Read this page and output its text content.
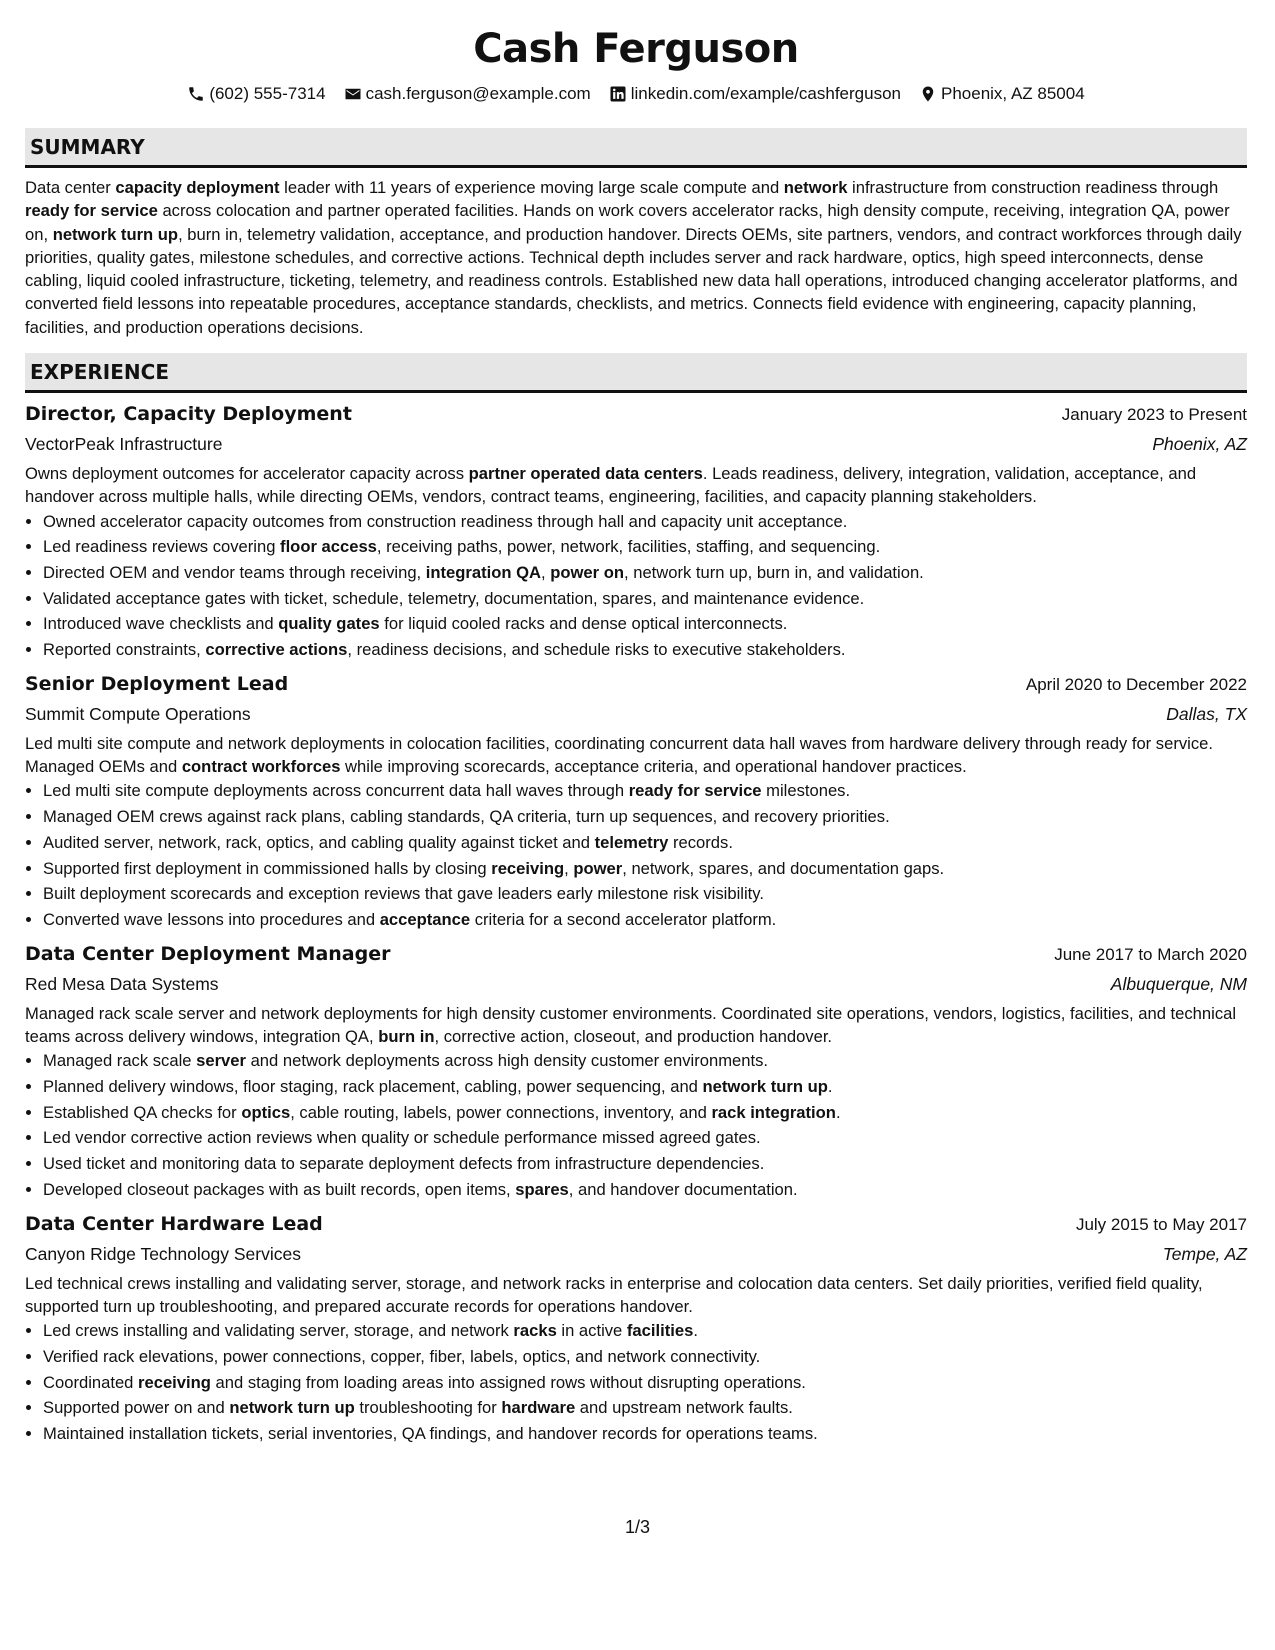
Cash Ferguson
(602) 555-7314 cash.ferguson@example.com linkedin.com/example/cashferguson Phoenix, AZ 85004
SUMMARY
Data center capacity deployment leader with 11 years of experience moving large scale compute and network infrastructure from construction readiness through ready for service across colocation and partner operated facilities. Hands on work covers accelerator racks, high density compute, receiving, integration QA, power on, network turn up, burn in, telemetry validation, acceptance, and production handover. Directs OEMs, site partners, vendors, and contract workforces through daily priorities, quality gates, milestone schedules, and corrective actions. Technical depth includes server and rack hardware, optics, high speed interconnects, dense cabling, liquid cooled infrastructure, ticketing, telemetry, and readiness controls. Established new data hall operations, introduced changing accelerator platforms, and converted field lessons into repeatable procedures, acceptance standards, checklists, and metrics. Connects field evidence with engineering, capacity planning, facilities, and production operations decisions.
EXPERIENCE
Director, Capacity Deployment	January 2023 to Present
VectorPeak Infrastructure	Phoenix, AZ
Owns deployment outcomes for accelerator capacity across partner operated data centers. Leads readiness, delivery, integration, validation, acceptance, and handover across multiple halls, while directing OEMs, vendors, contract teams, engineering, facilities, and capacity planning stakeholders.
• Owned accelerator capacity outcomes from construction readiness through hall and capacity unit acceptance.
• Led readiness reviews covering floor access, receiving paths, power, network, facilities, staffing, and sequencing.
• Directed OEM and vendor teams through receiving, integration QA, power on, network turn up, burn in, and validation.
• Validated acceptance gates with ticket, schedule, telemetry, documentation, spares, and maintenance evidence.
• Introduced wave checklists and quality gates for liquid cooled racks and dense optical interconnects.
• Reported constraints, corrective actions, readiness decisions, and schedule risks to executive stakeholders.
Senior Deployment Lead	April 2020 to December 2022
Summit Compute Operations	Dallas, TX
Led multi site compute and network deployments in colocation facilities, coordinating concurrent data hall waves from hardware delivery through ready for service. Managed OEMs and contract workforces while improving scorecards, acceptance criteria, and operational handover practices.
• Led multi site compute deployments across concurrent data hall waves through ready for service milestones.
• Managed OEM crews against rack plans, cabling standards, QA criteria, turn up sequences, and recovery priorities.
• Audited server, network, rack, optics, and cabling quality against ticket and telemetry records.
• Supported first deployment in commissioned halls by closing receiving, power, network, spares, and documentation gaps.
• Built deployment scorecards and exception reviews that gave leaders early milestone risk visibility.
• Converted wave lessons into procedures and acceptance criteria for a second accelerator platform.
Data Center Deployment Manager	June 2017 to March 2020
Red Mesa Data Systems	Albuquerque, NM
Managed rack scale server and network deployments for high density customer environments. Coordinated site operations, vendors, logistics, facilities, and technical teams across delivery windows, integration QA, burn in, corrective action, closeout, and production handover.
• Managed rack scale server and network deployments across high density customer environments.
• Planned delivery windows, floor staging, rack placement, cabling, power sequencing, and network turn up.
• Established QA checks for optics, cable routing, labels, power connections, inventory, and rack integration.
• Led vendor corrective action reviews when quality or schedule performance missed agreed gates.
• Used ticket and monitoring data to separate deployment defects from infrastructure dependencies.
• Developed closeout packages with as built records, open items, spares, and handover documentation.
Data Center Hardware Lead	July 2015 to May 2017
Canyon Ridge Technology Services	Tempe, AZ
Led technical crews installing and validating server, storage, and network racks in enterprise and colocation data centers. Set daily priorities, verified field quality, supported turn up troubleshooting, and prepared accurate records for operations handover.
• Led crews installing and validating server, storage, and network racks in active facilities.
• Verified rack elevations, power connections, copper, fiber, labels, optics, and network connectivity.
• Coordinated receiving and staging from loading areas into assigned rows without disrupting operations.
• Supported power on and network turn up troubleshooting for hardware and upstream network faults.
• Maintained installation tickets, serial inventories, QA findings, and handover records for operations teams.
1/3
